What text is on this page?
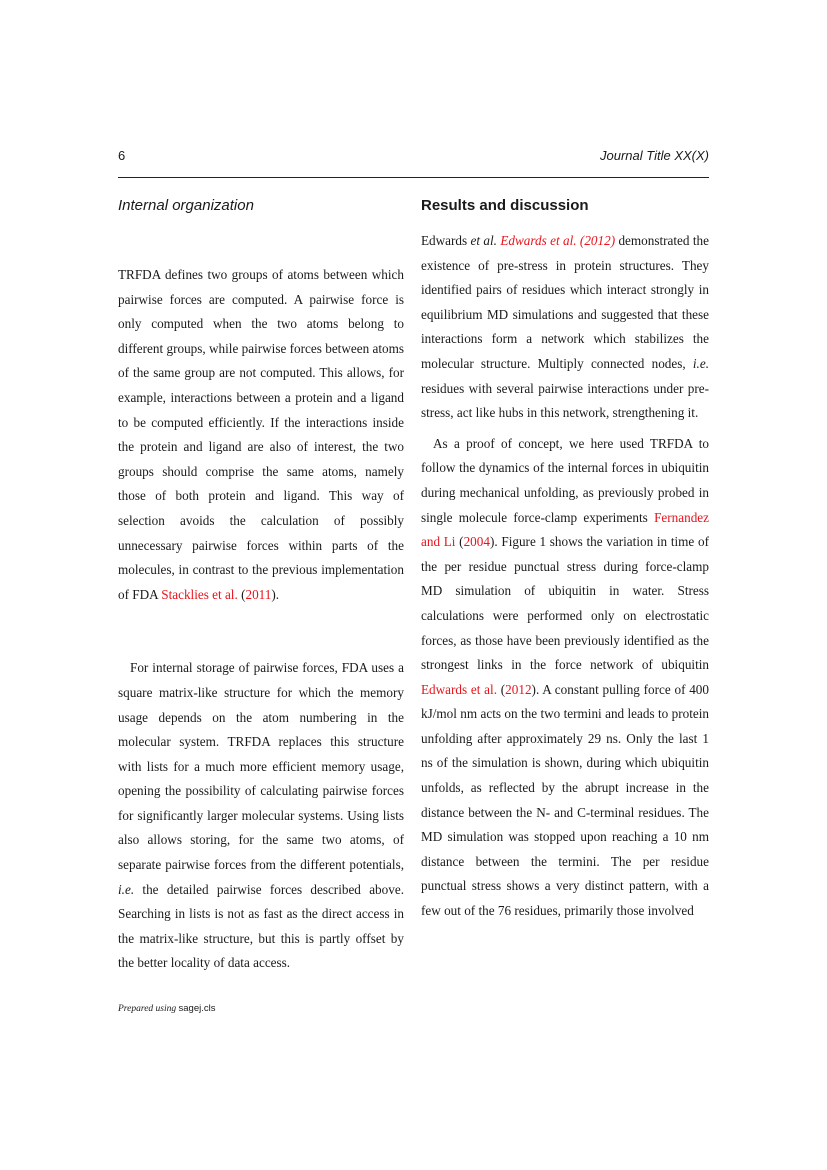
6	Journal Title XX(X)
Internal organization

TRFDA defines two groups of atoms between which pairwise forces are computed. A pairwise force is only computed when the two atoms belong to different groups, while pairwise forces between atoms of the same group are not computed. This allows, for example, interactions between a protein and a ligand to be computed efficiently. If the interactions inside the protein and ligand are also of interest, the two groups should comprise the same atoms, namely those of both protein and ligand. This way of selection avoids the calculation of possibly unnecessary pairwise forces within parts of the molecules, in contrast to the previous implementation of FDA Stacklies et al. (2011).

For internal storage of pairwise forces, FDA uses a square matrix-like structure for which the memory usage depends on the atom numbering in the molecular system. TRFDA replaces this structure with lists for a much more efficient memory usage, opening the possibility of calculating pairwise forces for significantly larger molecular systems. Using lists also allows storing, for the same two atoms, of separate pairwise forces from the different potentials, i.e. the detailed pairwise forces described above. Searching in lists is not as fast as the direct access in the matrix-like structure, but this is partly offset by the better locality of data access.

Results and discussion

Edwards et al. Edwards et al. (2012) demonstrated the existence of pre-stress in protein structures. They identified pairs of residues which interact strongly in equilibrium MD simulations and suggested that these interactions form a network which stabilizes the molecular structure. Multiply connected nodes, i.e. residues with several pairwise interactions under pre-stress, act like hubs in this network, strengthening it.

As a proof of concept, we here used TRFDA to follow the dynamics of the internal forces in ubiquitin during mechanical unfolding, as previously probed in single molecule force-clamp experiments Fernandez and Li (2004). Figure 1 shows the variation in time of the per residue punctual stress during force-clamp MD simulation of ubiquitin in water. Stress calculations were performed only on electrostatic forces, as those have been previously identified as the strongest links in the force network of ubiquitin Edwards et al. (2012). A constant pulling force of 400 kJ/mol nm acts on the two termini and leads to protein unfolding after approximately 29 ns. Only the last 1 ns of the simulation is shown, during which ubiquitin unfolds, as reflected by the abrupt increase in the distance between the N- and C-terminal residues. The MD simulation was stopped upon reaching a 10 nm distance between the termini. The per residue punctual stress shows a very distinct pattern, with a few out of the 76 residues, primarily those involved

Prepared using sagej.cls
